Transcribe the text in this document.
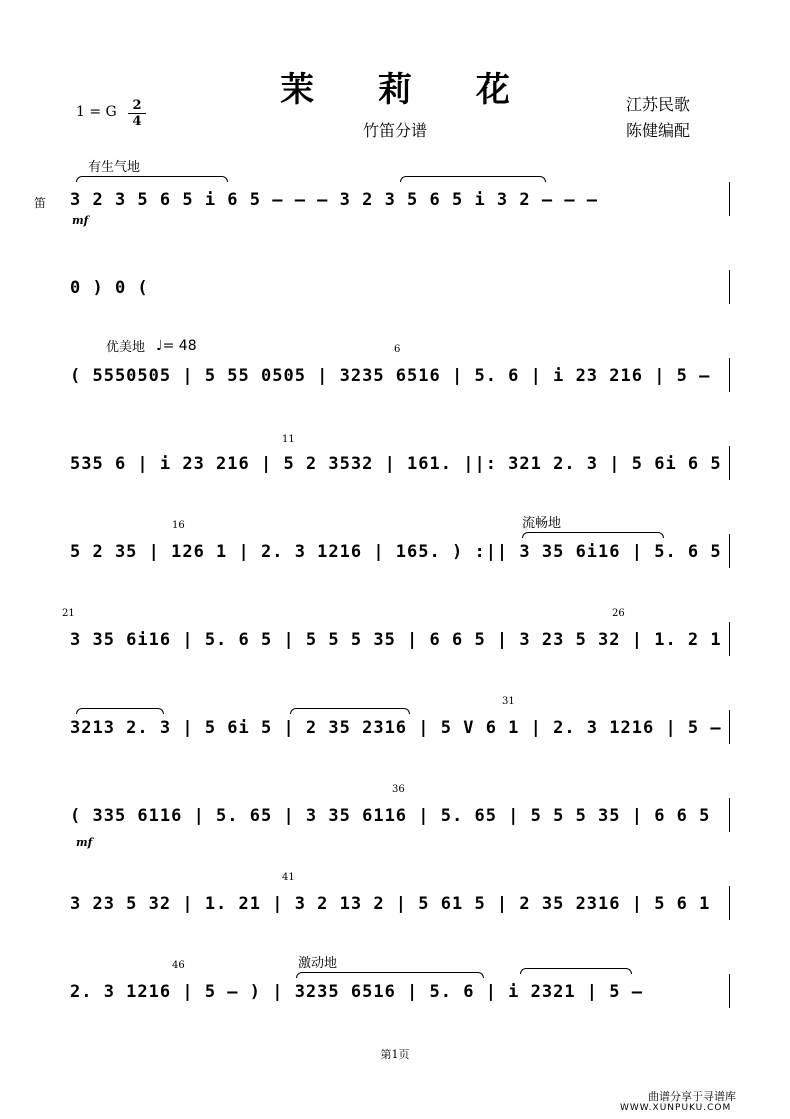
茉 莉 花
竹笛分谱
江苏民歌
陈健编配
1 = G	2
4
笛
有生气地
mf
优美地 ♩= 48
流畅地
mf
激动地
6
11
16
21	26
31
36
41
46
3 2 3 5 6 5 i 6 5 – – – 3 2 3 5 6 5 i 3 2 – – –
0 ) 0 (
( 5550505 | 5 55 0505 | 3235 6516 | 5. 6 | i 23 216 | 5 –
535 6 | i 23 216 | 5 2 3532 | 161. ||: 321 2. 3 | 5 6i 6 5
5 2 35 | 126 1 | 2. 3 1216 | 165. ) :|| 3 35 6i16 | 5. 6 5
3 35 6i16 | 5. 6 5 | 5 5 5 35 | 6 6 5 | 3 23 5 32 | 1. 2 1
3213 2. 3 | 5 6i 5 | 2 35 2316 | 5 V 6 1 | 2. 3 1216 | 5 –
( 335 6116 | 5. 65 | 3 35 6116 | 5. 65 | 5 5 5 35 | 6 6 5
3 23 5 32 | 1. 21 | 3 2 13 2 | 5 61 5 | 2 35 2316 | 5 6 1
2. 3 1216 | 5 – ) | 3235 6516 | 5. 6 | i 2321 | 5 –
第1页
曲谱分享于寻谱库
WWW.XUNPUKU.COM
